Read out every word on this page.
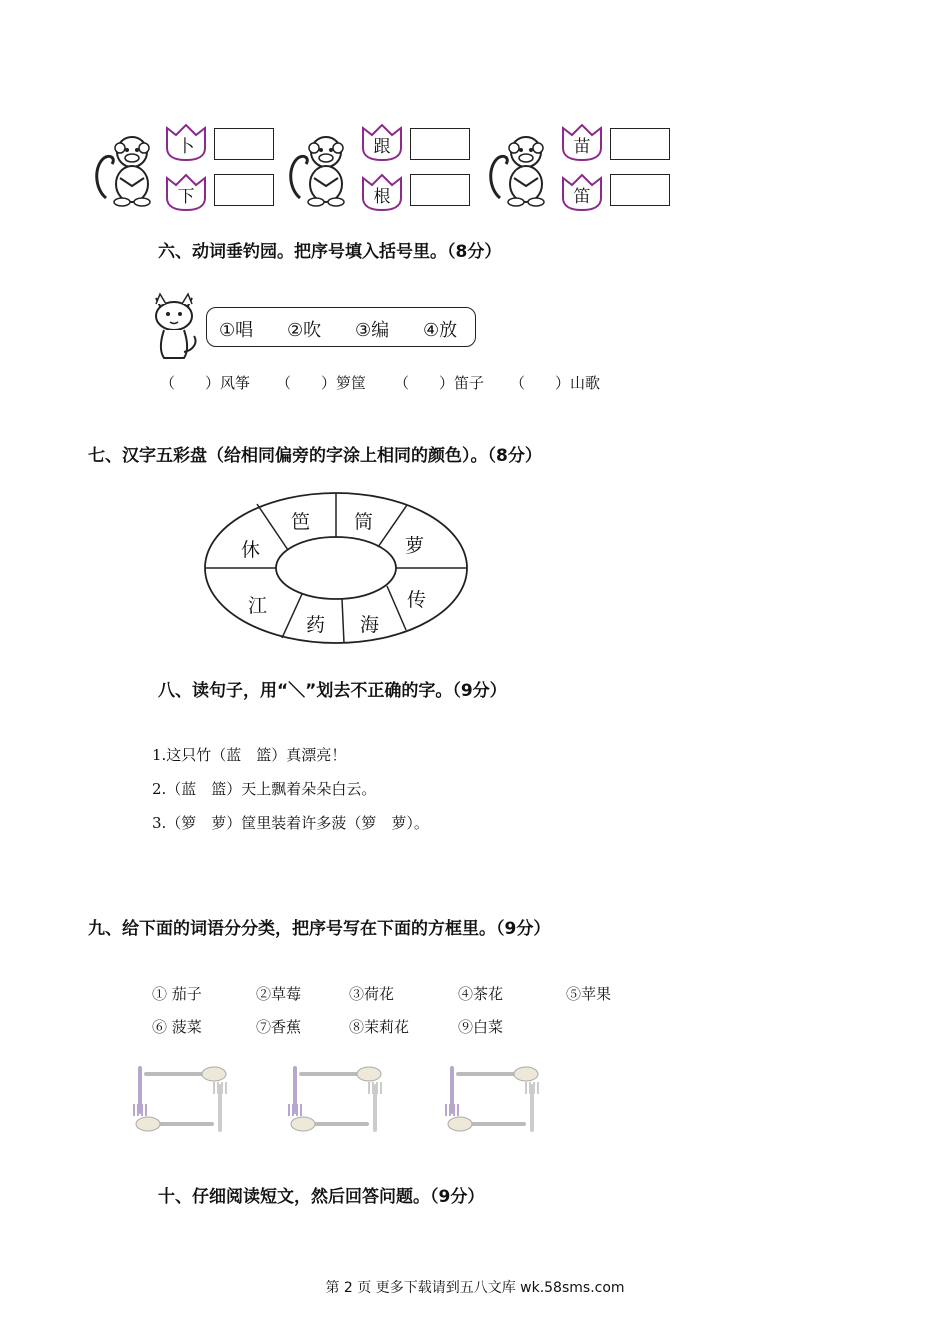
卜
下
跟
根
苗
笛
六、动词垂钓园。把序号填入括号里。（8分）
①唱 ②吹 ③编 ④放
（　　）风筝 （　　）箩筐 （　　）笛子 （　　）山歌
七、汉字五彩盘（给相同偏旁的字涂上相同的颜色）。（8分）
笆 筒
萝
传
海
药
江
休
八、读句子，用“＼”划去不正确的字。（9分）
1.这只竹（蓝　篮）真漂亮！
2.（蓝　篮）天上飘着朵朵白云。
3.（箩　萝）筐里装着许多菠（箩　萝）。
九、给下面的词语分分类，把序号写在下面的方框里。（9分）
① 茄子	②草莓	③荷花	④茶花	⑤苹果
⑥ 菠菜	⑦香蕉	⑧茉莉花	⑨白菜
十、仔细阅读短文，然后回答问题。（9分）
第 2 页 更多下载请到五八文库 wk.58sms.com
